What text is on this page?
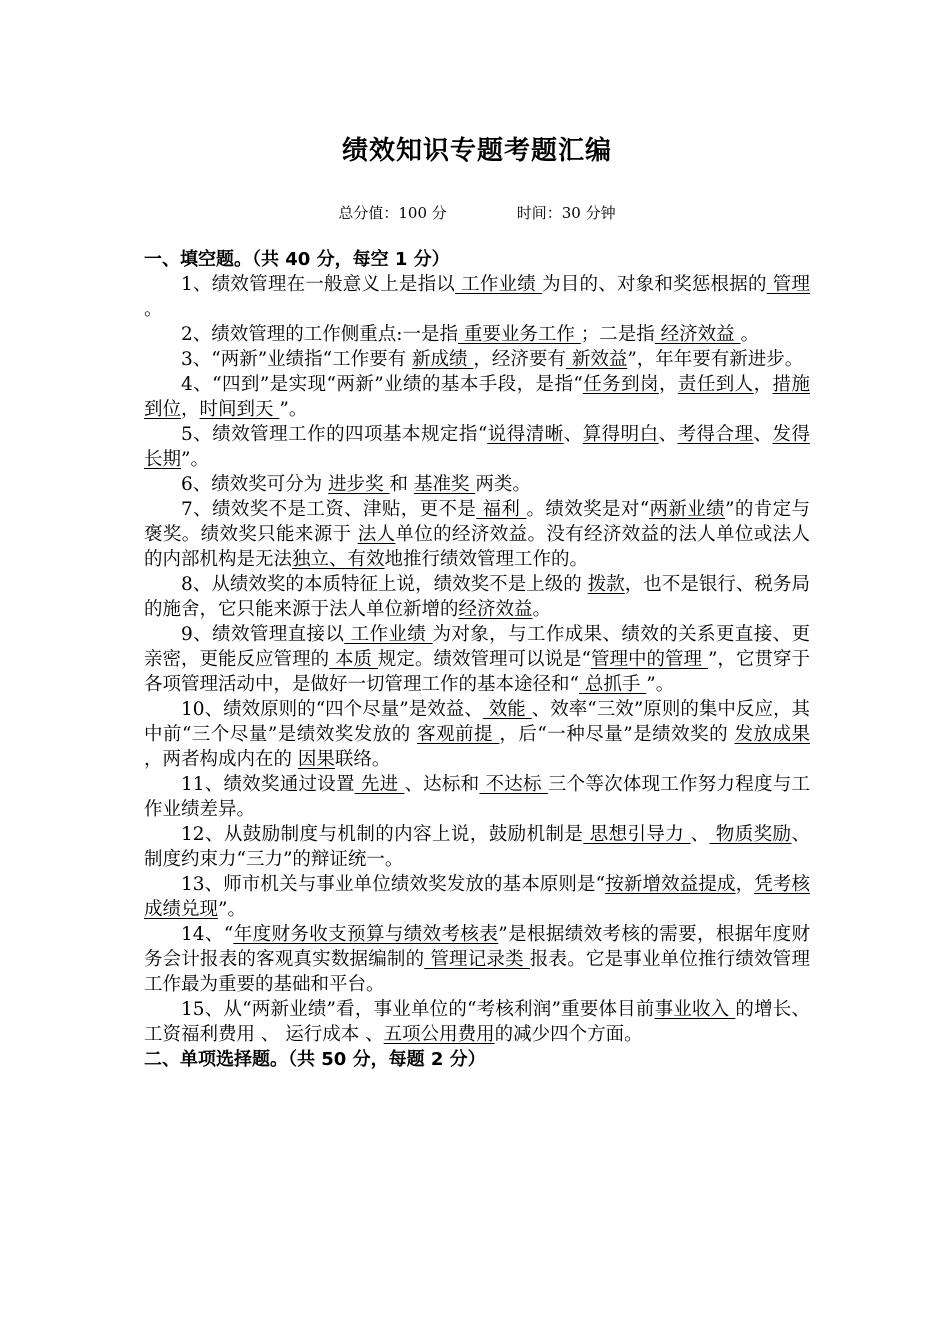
绩效知识专题考题汇编
总分值：100 分	时间：30 分钟

一、填空题。（共 40 分，每空 1 分）

1、绩效管理在一般意义上是指以 工作业绩 为目的、对象和奖惩根据的 管理 。

2、绩效管理的工作侧重点:一是指 重要业务工作 ；二是指 经济效益 。

3、“两新”业绩指“工作要有 新成绩 ，经济要有 新效益”，年年要有新进步。

4、“四到”是实现“两新”业绩的基本手段，是指“任务到岗，责任到人，措施到位，时间到天 ”。

5、绩效管理工作的四项基本规定指“说得清晰、算得明白、考得合理、发得长期”。

6、绩效奖可分为 进步奖 和 基准奖 两类。

7、绩效奖不是工资、津贴，更不是 福利 。绩效奖是对“两新业绩”的肯定与褒奖。绩效奖只能来源于 法人单位的经济效益。没有经济效益的法人单位或法人的内部机构是无法独立、有效地推行绩效管理工作的。

8、从绩效奖的本质特征上说，绩效奖不是上级的 拨款，也不是银行、税务局的施舍，它只能来源于法人单位新增的经济效益。

9、绩效管理直接以 工作业绩 为对象，与工作成果、绩效的关系更直接、更亲密，更能反应管理的 本质 规定。绩效管理可以说是“管理中的管理 ”，它贯穿于各项管理活动中，是做好一切管理工作的基本途径和“ 总抓手 ”。

10、绩效原则的“四个尽量”是效益、 效能 、效率“三效”原则的集中反应，其中前“三个尽量”是绩效奖发放的 客观前提 ，后“一种尽量”是绩效奖的 发放成果 ，两者构成内在的 因果联络。

11、绩效奖通过设置 先进 、达标和 不达标 三个等次体现工作努力程度与工作业绩差异。

12、从鼓励制度与机制的内容上说，鼓励机制是 思想引导力 、 物质奖励、制度约束力“三力”的辩证统一。

13、师市机关与事业单位绩效奖发放的基本原则是“按新增效益提成，凭考核成绩兑现”。

14、“年度财务收支预算与绩效考核表”是根据绩效考核的需要，根据年度财务会计报表的客观真实数据编制的 管理记录类 报表。它是事业单位推行绩效管理工作最为重要的基础和平台。

15、从“两新业绩”看，事业单位的“考核利润”重要体目前事业收入 的增长、 工资福利费用 、 运行成本 、五项公用费用的减少四个方面。

二、单项选择题。（共 50 分，每题 2 分）
